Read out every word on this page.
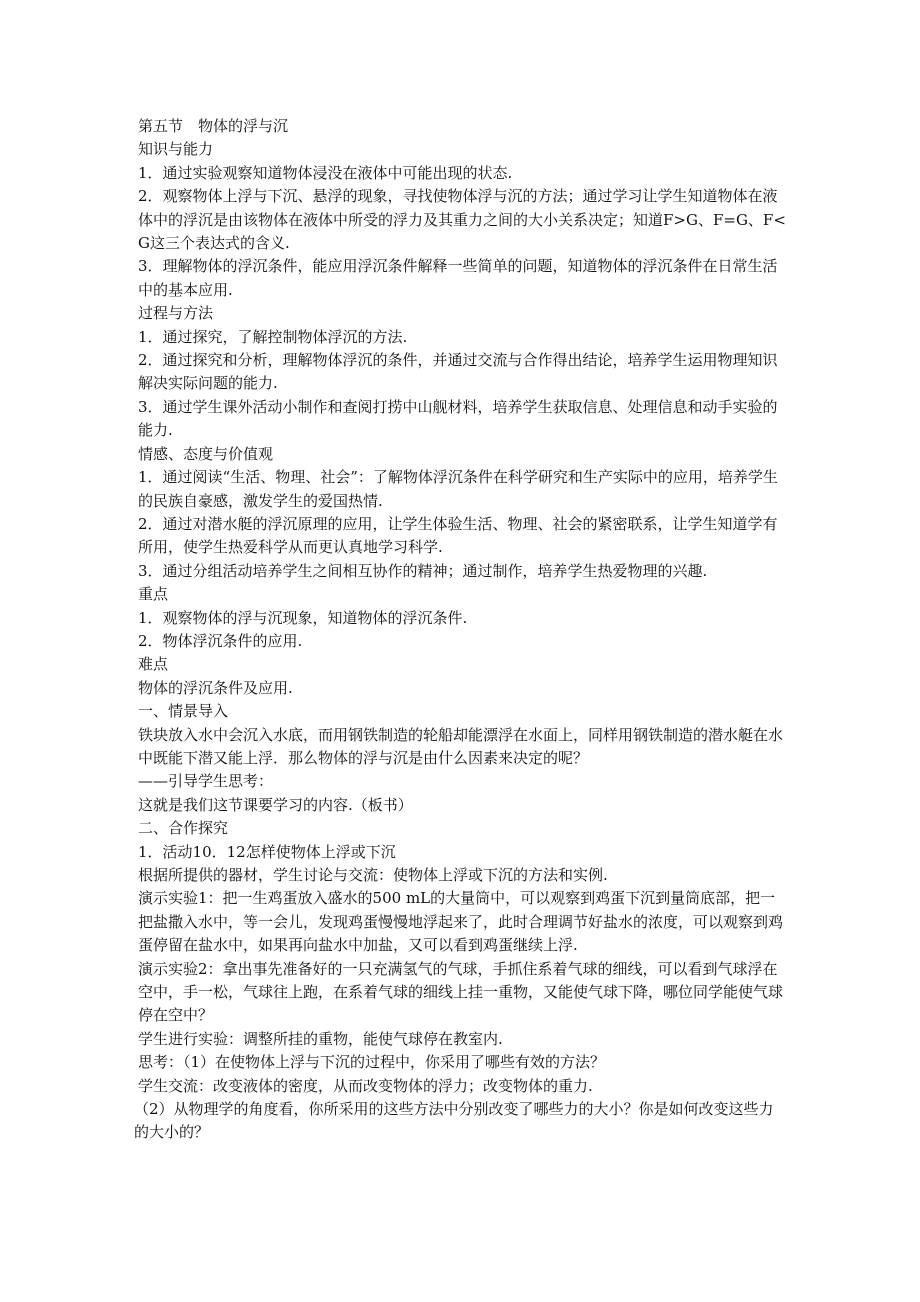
第五节　物体的浮与沉

知识与能力

1．通过实验观察知道物体浸没在液体中可能出现的状态.

2．观察物体上浮与下沉、悬浮的现象，寻找使物体浮与沉的方法；通过学习让学生知道物体在液体中的浮沉是由该物体在液体中所受的浮力及其重力之间的大小关系决定；知道F>G、F=G、F<G这三个表达式的含义.

3．理解物体的浮沉条件，能应用浮沉条件解释一些简单的问题，知道物体的浮沉条件在日常生活中的基本应用.

过程与方法

1．通过探究，了解控制物体浮沉的方法.

2．通过探究和分析，理解物体浮沉的条件，并通过交流与合作得出结论，培养学生运用物理知识解决实际问题的能力.

3．通过学生课外活动小制作和查阅打捞中山舰材料，培养学生获取信息、处理信息和动手实验的能力.

情感、态度与价值观

1．通过阅读“生活、物理、社会”：了解物体浮沉条件在科学研究和生产实际中的应用，培养学生的民族自豪感，激发学生的爱国热情.

2．通过对潜水艇的浮沉原理的应用，让学生体验生活、物理、社会的紧密联系，让学生知道学有所用，使学生热爱科学从而更认真地学习科学.

3．通过分组活动培养学生之间相互协作的精神；通过制作，培养学生热爱物理的兴趣.

重点

1．观察物体的浮与沉现象，知道物体的浮沉条件.

2．物体浮沉条件的应用.

难点

物体的浮沉条件及应用.

一、情景导入

铁块放入水中会沉入水底，而用钢铁制造的轮船却能漂浮在水面上，同样用钢铁制造的潜水艇在水中既能下潜又能上浮．那么物体的浮与沉是由什么因素来决定的呢？

——引导学生思考：

这就是我们这节课要学习的内容.（板书）

二、合作探究

1．活动10．12怎样使物体上浮或下沉

根据所提供的器材，学生讨论与交流：使物体上浮或下沉的方法和实例.

演示实验1：把一生鸡蛋放入盛水的500 mL的大量筒中，可以观察到鸡蛋下沉到量筒底部，把一把盐撒入水中，等一会儿，发现鸡蛋慢慢地浮起来了，此时合理调节好盐水的浓度，可以观察到鸡蛋停留在盐水中，如果再向盐水中加盐，又可以看到鸡蛋继续上浮.

演示实验2：拿出事先准备好的一只充满氢气的气球，手抓住系着气球的细线，可以看到气球浮在空中，手一松，气球往上跑，在系着气球的细线上挂一重物，又能使气球下降，哪位同学能使气球停在空中？

学生进行实验：调整所挂的重物，能使气球停在教室内.

思考：（1）在使物体上浮与下沉的过程中，你采用了哪些有效的方法？

学生交流：改变液体的密度，从而改变物体的浮力；改变物体的重力.

（2）从物理学的角度看，你所采用的这些方法中分别改变了哪些力的大小？你是如何改变这些力的大小的？
